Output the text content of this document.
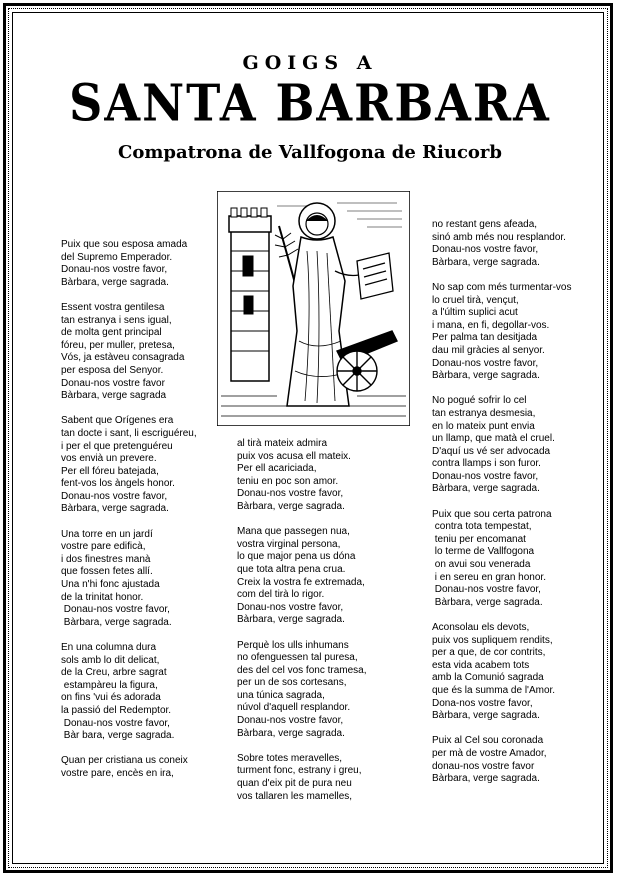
GOIGS A
SANTA BARBARA
Compatrona de Vallfogona de Riucorb
Puix que sou esposa amada
del Supremo Emperador.
Donau-nos vostre favor,
Bàrbara, verge sagrada.
Essent vostra gentilesa
tan estranya i sens igual,
de molta gent principal
fóreu, per muller, pretesa,
Vós, ja estàveu consagrada
per esposa del Senyor.
Donau-nos vostre favor
Bàrbara, verge sagrada
Sabent que Orígenes era
tan docte i sant, li escriguéreu,
i per el que pretenguéreu
vos envià un prevere.
Per ell fóreu batejada,
fent-vos los àngels honor.
Donau-nos vostre favor,
Bàrbara, verge sagrada.
Una torre en un jardí
vostre pare edificà,
i dos finestres manà
que fossen fetes allí.
Una n'hi fonc ajustada
de la trinitat honor.
Donau-nos vostre favor,
Bàrbara, verge sagrada.
En una columna dura
sols amb lo dit delicat,
de la Creu, arbre sagrat
estampàreu la figura,
on fins 'vui és adorada
la passió del Redemptor.
Donau-nos vostre favor,
Bàr bara, verge sagrada.
Quan per cristiana us coneix
vostre pare, encès en ira,
al tirà mateix admira
puix vos acusa ell mateix.
Per ell acariciada,
teniu en poc son amor.
Donau-nos vostre favor,
Bàrbara, verge sagrada.
Mana que passegen nua,
vostra virginal persona,
lo que major pena us dóna
que tota altra pena crua.
Creix la vostra fe extremada,
com del tirà lo rigor.
Donau-nos vostre favor,
Bàrbara, verge sagrada.
Perquè los ulls inhumans
no ofenguessen tal puresa,
des del cel vos fonc tramesa,
per un de sos cortesans,
una túnica sagrada,
núvol d'aquell resplandor.
Donau-nos vostre favor,
Bàrbara, verge sagrada.
Sobre totes meravelles,
turment fonc, estrany i greu,
quan d'eix pit de pura neu
vos tallaren les mamelles,
no restant gens afeada,
sinó amb més nou resplandor.
Donau-nos vostre favor,
Bàrbara, verge sagrada.
No sap com més turmentar-vos
lo cruel tirà, vençut,
a l'últim suplici acut
i mana, en fi, degollar-vos.
Per palma tan desitjada
dau mil gràcies al senyor.
Donau-nos vostre favor,
Bàrbara, verge sagrada.
No pogué sofrir lo cel
tan estranya desmesia,
en lo mateix punt envia
un llamp, que matà el cruel.
D'aquí us vé ser advocada
contra llamps i son furor.
Donau-nos vostre favor,
Bàrbara, verge sagrada.
Puix que sou certa patrona
contra tota tempestat,
teniu per encomanat
lo terme de Vallfogona
on avui sou venerada
i en sereu en gran honor.
Donau-nos vostre favor,
Bàrbara, verge sagrada.
Aconsolau els devots,
puix vos supliquem rendits,
per a que, de cor contrits,
esta vida acabem tots
amb la Comunió sagrada
que és la summa de l'Amor.
Dona-nos vostre favor,
Bàrbara, verge sagrada.
Puix al Cel sou coronada
per mà de vostre Amador,
donau-nos vostre favor
Bàrbara, verge sagrada.
